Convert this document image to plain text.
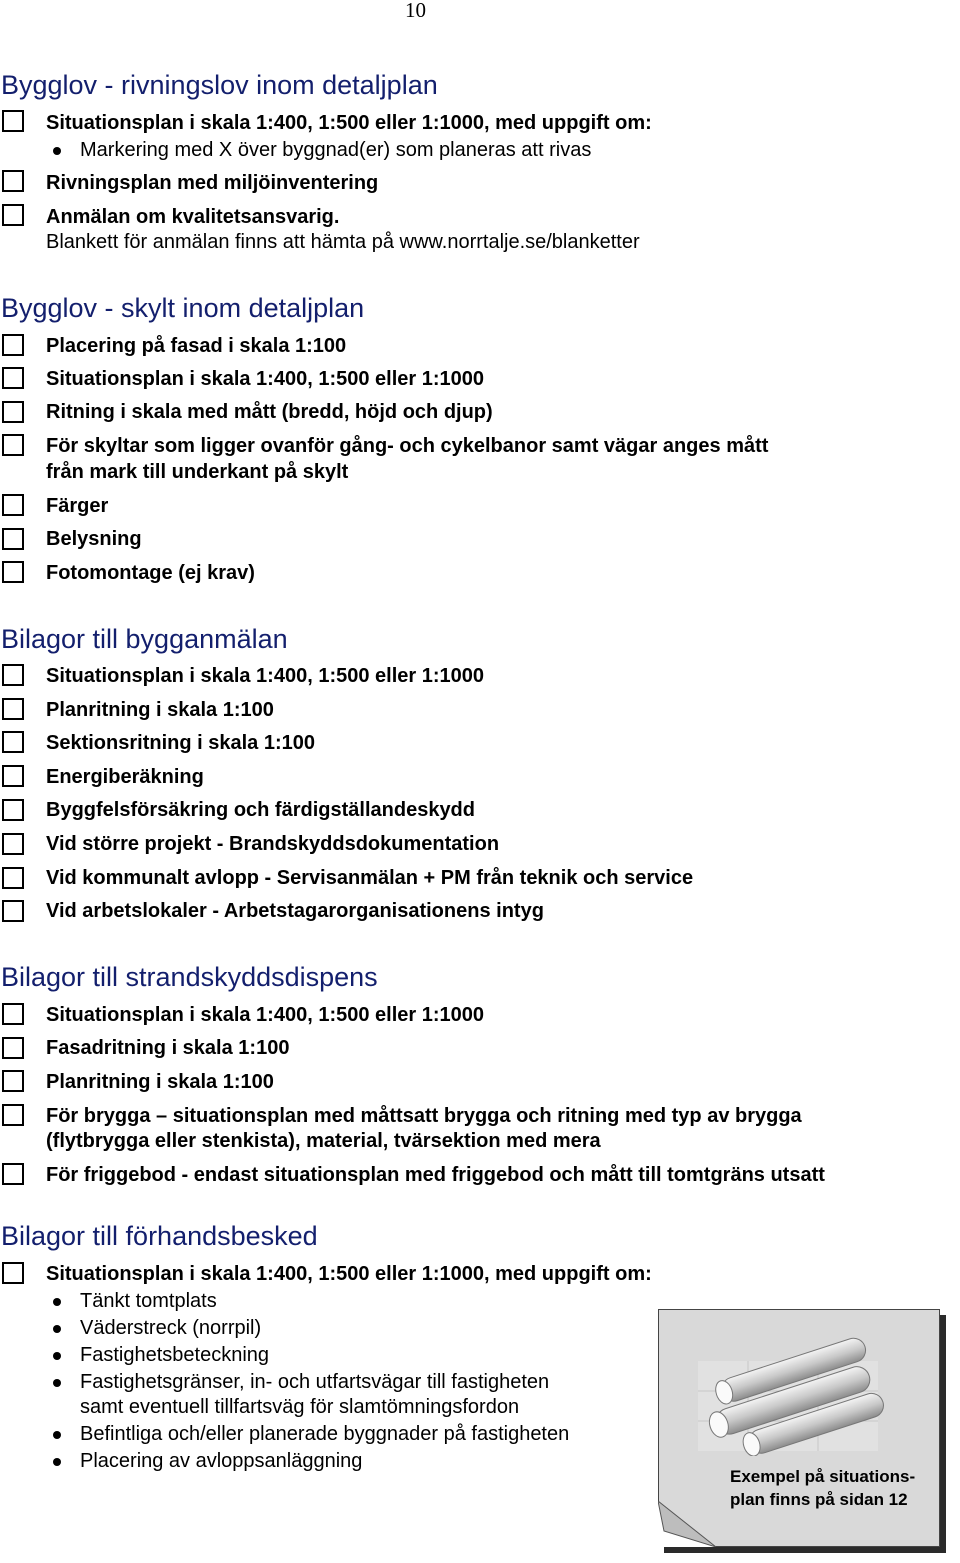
10
Bygglov - rivningslov inom detaljplan
Situationsplan i skala 1:400, 1:500 eller 1:1000, med uppgift om:
Markering med X över byggnad(er) som planeras att rivas
Rivningsplan med miljöinventering
Anmälan om kvalitetsansvarig.
Blankett för anmälan finns att hämta på www.norrtalje.se/blanketter
Bygglov - skylt inom detaljplan
Placering på fasad i skala 1:100
Situationsplan i skala 1:400, 1:500 eller 1:1000
Ritning i skala med mått (bredd, höjd och djup)
För skyltar som ligger ovanför gång- och cykelbanor samt vägar anges mått
från mark till underkant på skylt
Färger
Belysning
Fotomontage (ej krav)
Bilagor till bygganmälan
Situationsplan i skala 1:400, 1:500 eller 1:1000
Planritning i skala 1:100
Sektionsritning i skala 1:100
Energiberäkning
Byggfelsförsäkring och färdigställandeskydd
Vid större projekt - Brandskyddsdokumentation
Vid kommunalt avlopp - Servisanmälan + PM från teknik och service
Vid arbetslokaler - Arbetstagarorganisationens intyg
Bilagor till strandskyddsdispens
Situationsplan i skala 1:400, 1:500 eller 1:1000
Fasadritning i skala 1:100
Planritning i skala 1:100
För brygga – situationsplan med måttsatt brygga och ritning med typ av brygga
(flytbrygga eller stenkista), material, tvärsektion med mera
För friggebod - endast situationsplan med friggebod och mått till tomtgräns utsatt
Bilagor till förhandsbesked
Situationsplan i skala 1:400, 1:500 eller 1:1000, med uppgift om:
Tänkt tomtplats
Väderstreck (norrpil)
Fastighetsbeteckning
Fastighetsgränser, in- och utfartsvägar till fastigheten
samt eventuell tillfartsväg för slamtömningsfordon
Befintliga och/eller planerade byggnader på fastigheten
Placering av avloppsanläggning
Exempel på situations-
plan finns på sidan 12
